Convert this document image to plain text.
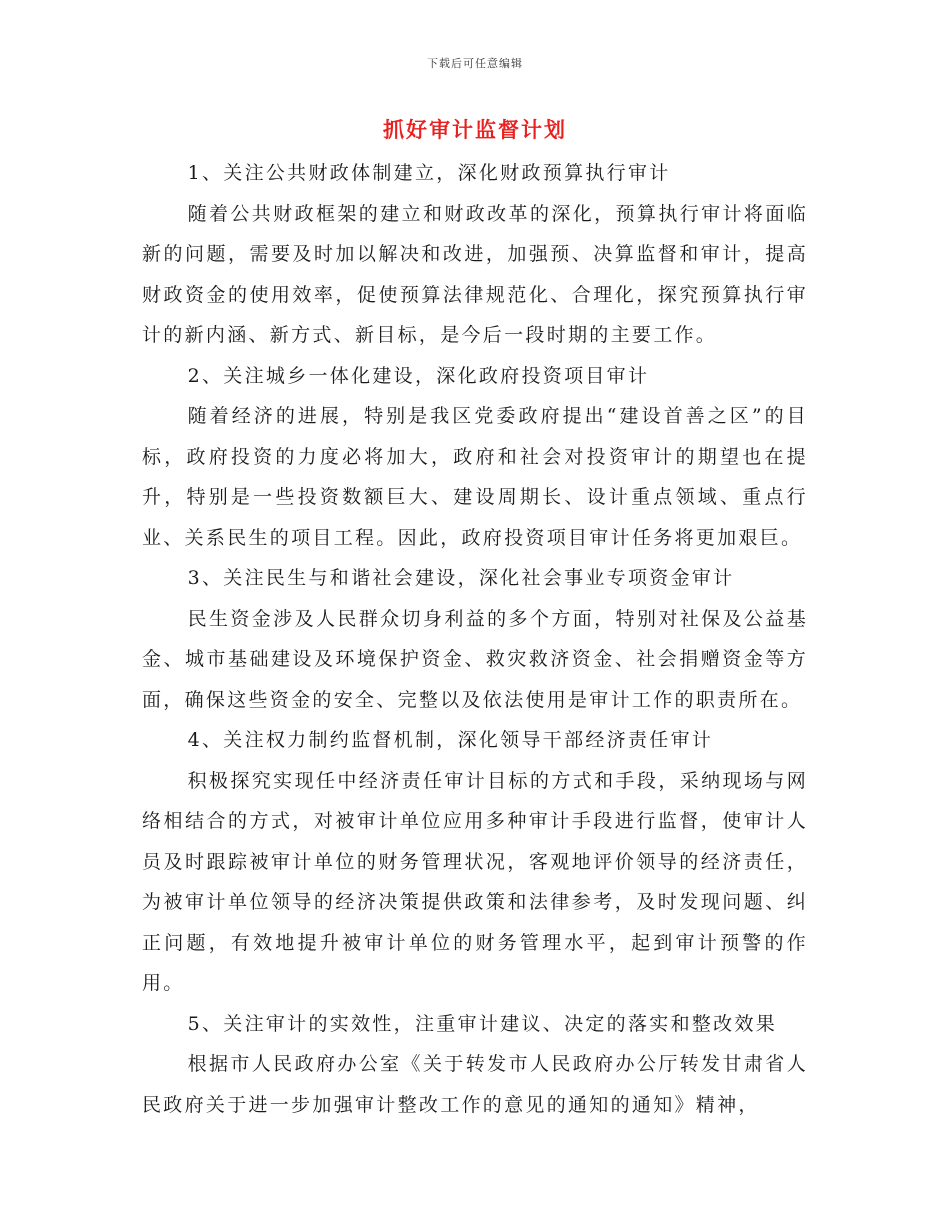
下载后可任意编辑
抓好审计监督计划

1、关注公共财政体制建立，深化财政预算执行审计

随着公共财政框架的建立和财政改革的深化，预算执行审计将面临新的问题，需要及时加以解决和改进，加强预、决算监督和审计，提高财政资金的使用效率，促使预算法律规范化、合理化，探究预算执行审计的新内涵、新方式、新目标，是今后一段时期的主要工作。

2、关注城乡一体化建设，深化政府投资项目审计

随着经济的进展，特别是我区党委政府提出“建设首善之区”的目标，政府投资的力度必将加大，政府和社会对投资审计的期望也在提升，特别是一些投资数额巨大、建设周期长、设计重点领域、重点行业、关系民生的项目工程。因此，政府投资项目审计任务将更加艰巨。

3、关注民生与和谐社会建设，深化社会事业专项资金审计

民生资金涉及人民群众切身利益的多个方面，特别对社保及公益基金、城市基础建设及环境保护资金、救灾救济资金、社会捐赠资金等方面，确保这些资金的安全、完整以及依法使用是审计工作的职责所在。

4、关注权力制约监督机制，深化领导干部经济责任审计

积极探究实现任中经济责任审计目标的方式和手段，采纳现场与网络相结合的方式，对被审计单位应用多种审计手段进行监督，使审计人员及时跟踪被审计单位的财务管理状况，客观地评价领导的经济责任，为被审计单位领导的经济决策提供政策和法律参考，及时发现问题、纠正问题，有效地提升被审计单位的财务管理水平，起到审计预警的作用。

5、关注审计的实效性，注重审计建议、决定的落实和整改效果

根据市人民政府办公室《关于转发市人民政府办公厅转发甘肃省人民政府关于进一步加强审计整改工作的意见的通知的通知》精神，
